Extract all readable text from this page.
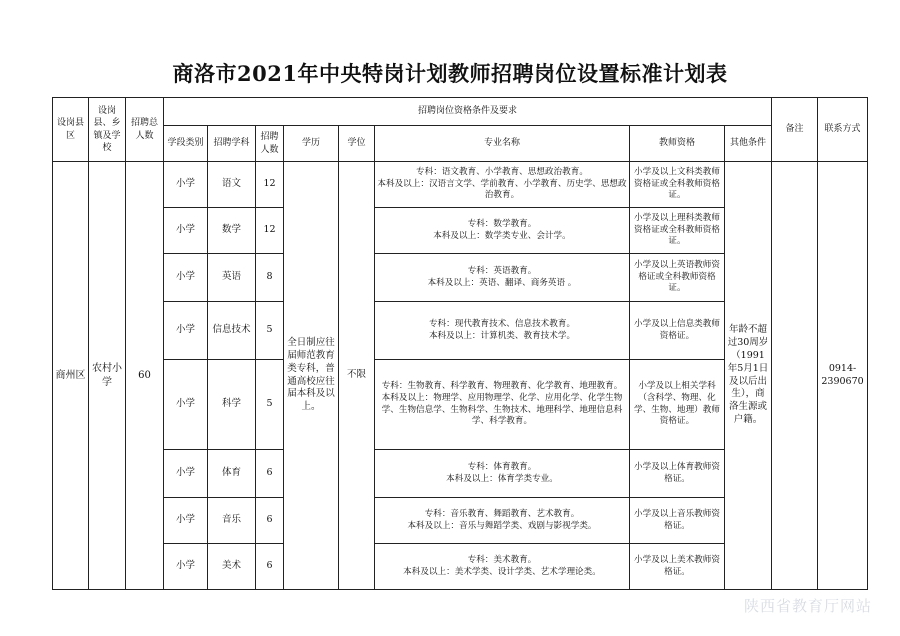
商洛市2021年中央特岗计划教师招聘岗位设置标准计划表
设岗县区	设岗县、乡镇及学校	招聘总人数	招聘岗位资格条件及要求								备注	联系方式
			学段类别	招聘学科	招聘人数	学历	学位	专业名称	教师资格	其他条件		
商州区	农村小学	60	小学	语文	12	全日制应往届师范教育类专科，普通高校应往届本科及以上。	不限	专科：语文教育、小学教育、思想政治教育。
本科及以上：汉语言文学、学前教育、小学教育、历史学、思想政治教育。	小学及以上文科类教师资格证或全科教师资格证。	年龄不超过30周岁（1991年5月1日及以后出生），商洛生源或户籍。		0914-2390670
			小学	数学	12			专科：数学教育。
本科及以上：数学类专业、会计学。	小学及以上理科类教师资格证或全科教师资格证。			
			小学	英语	8			专科：英语教育。
本科及以上：英语、翻译、商务英语 。	小学及以上英语教师资格证或全科教师资格证。			
			小学	信息技术	5			专科：现代教育技术、信息技术教育。
本科及以上：计算机类、教育技术学。	小学及以上信息类教师资格证。			
			小学	科学	5			专科：生物教育、科学教育、物理教育、化学教育、地理教育。
本科及以上：物理学、应用物理学、化学、应用化学、化学生物学、生物信息学、生物科学、生物技术、地理科学、地理信息科学、科学教育。	小学及以上相关学科（含科学、物理、化学、生物、地理）教师资格证。			
			小学	体育	6			专科：体育教育。
本科及以上：体育学类专业。	小学及以上体育教师资格证。			
			小学	音乐	6			专科：音乐教育、舞蹈教育、艺术教育。
本科及以上：音乐与舞蹈学类、戏剧与影视学类。	小学及以上音乐教师资格证。			
			小学	美术	6			专科：美术教育。
本科及以上：美术学类、设计学类、艺术学理论类。	小学及以上美术教师资格证。			
陕西省教育厅网站
